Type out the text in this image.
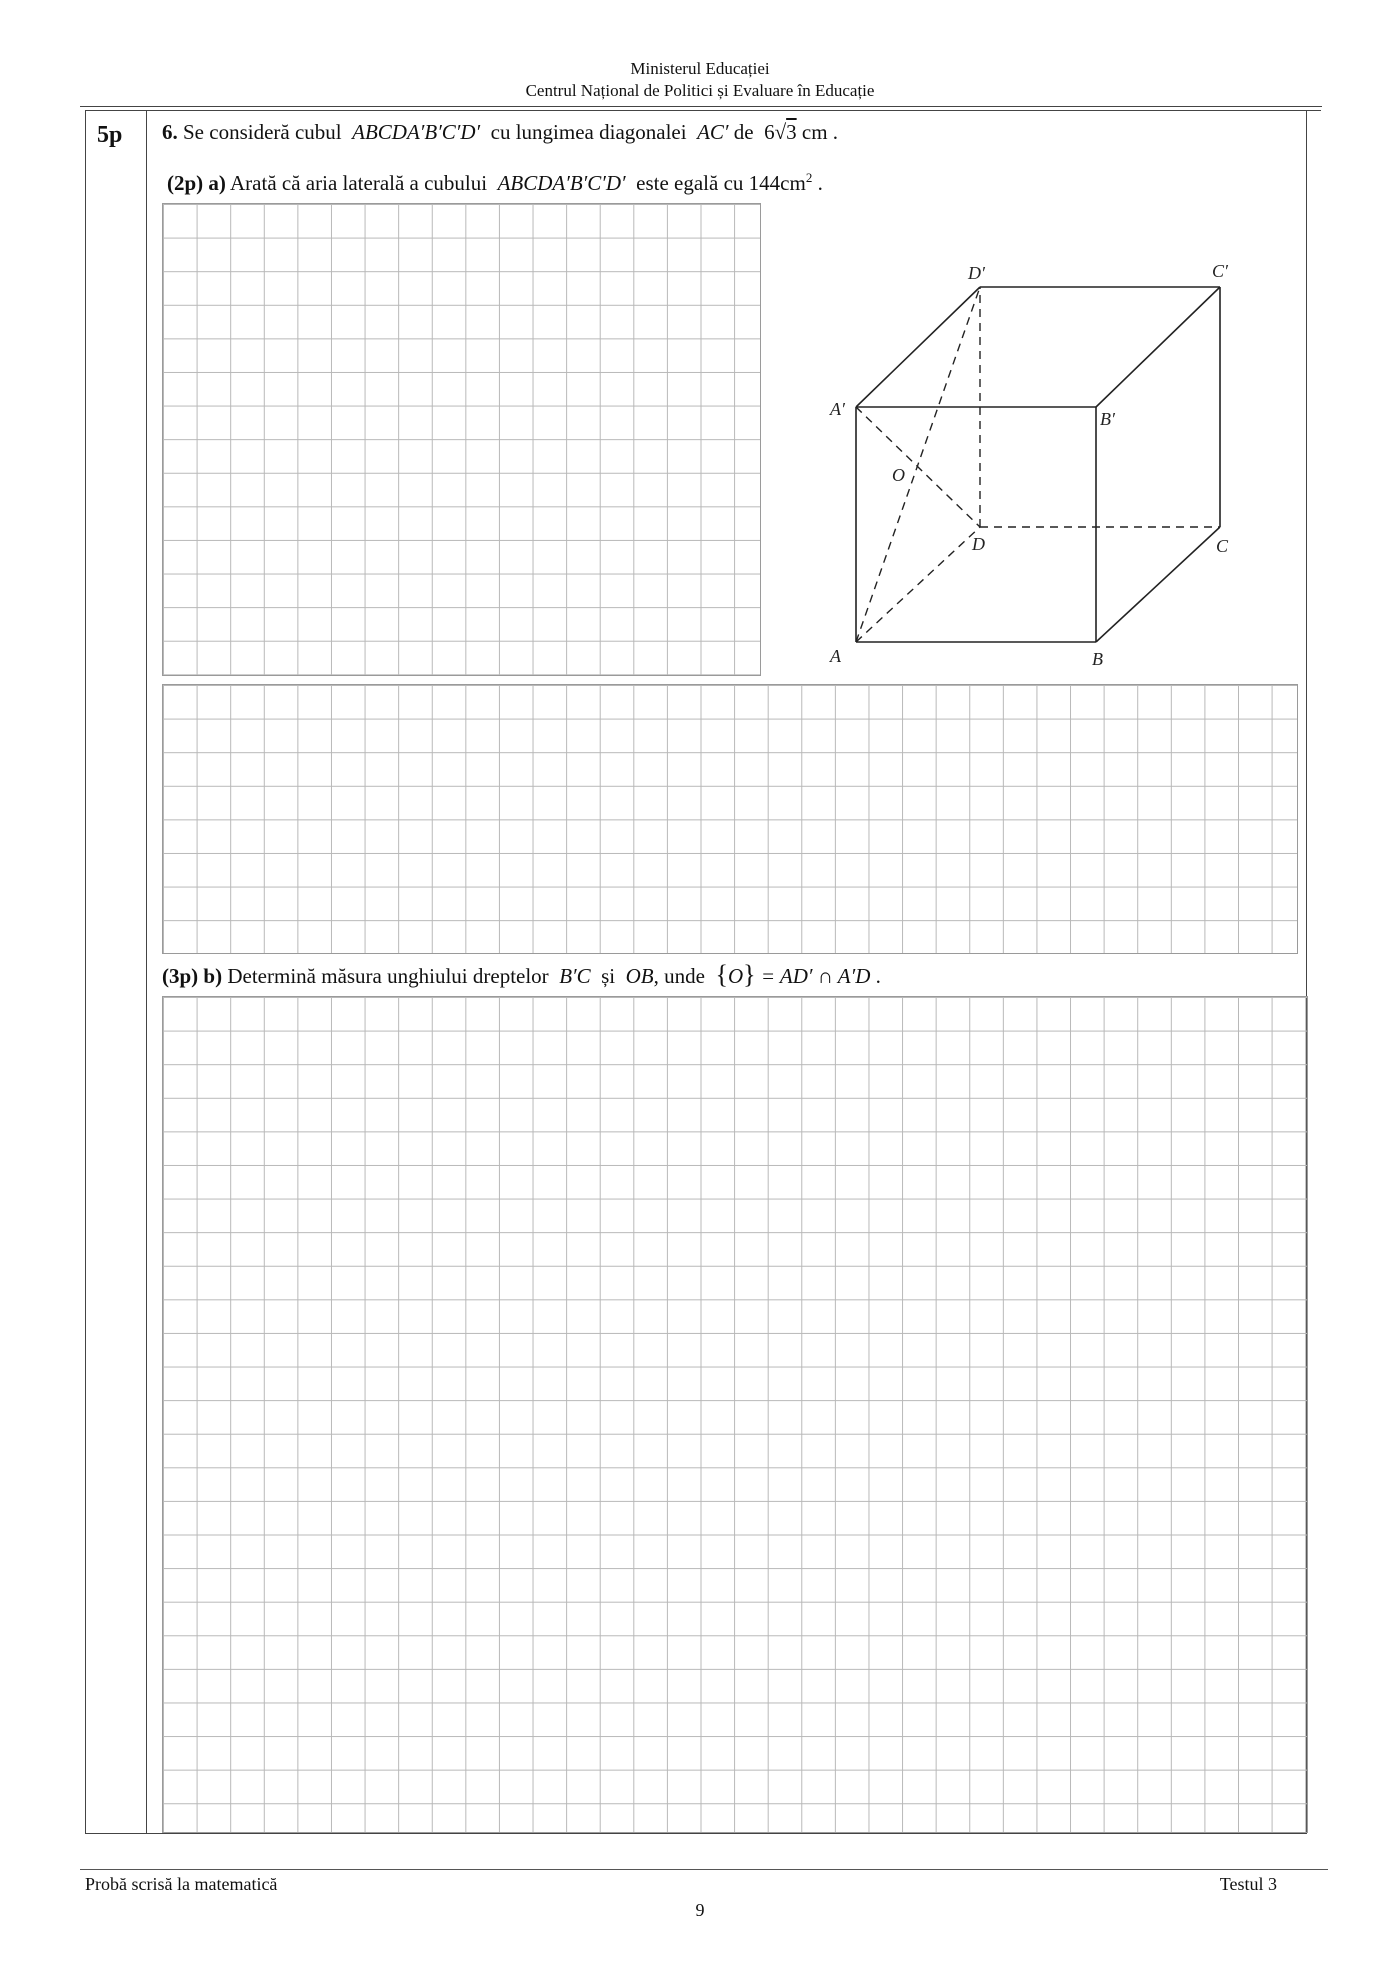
Ministerul Educației
Centrul Național de Politici și Evaluare în Educație
5p 6. Se consideră cubul ABCDA′B′C′D′ cu lungimea diagonalei AC′ de 6√3 cm .
(2p) a) Arată că aria laterală a cubului ABCDA′B′C′D′ este egală cu $144cm^2$ .
A	B
C
D
A′	B′
C′
D′
O
(3p) b) Determină măsura unghiului dreptelor B′C și OB, unde {O} = AD′ ∩ A′D .
Probă scrisă la matematică	Testul 3
9
